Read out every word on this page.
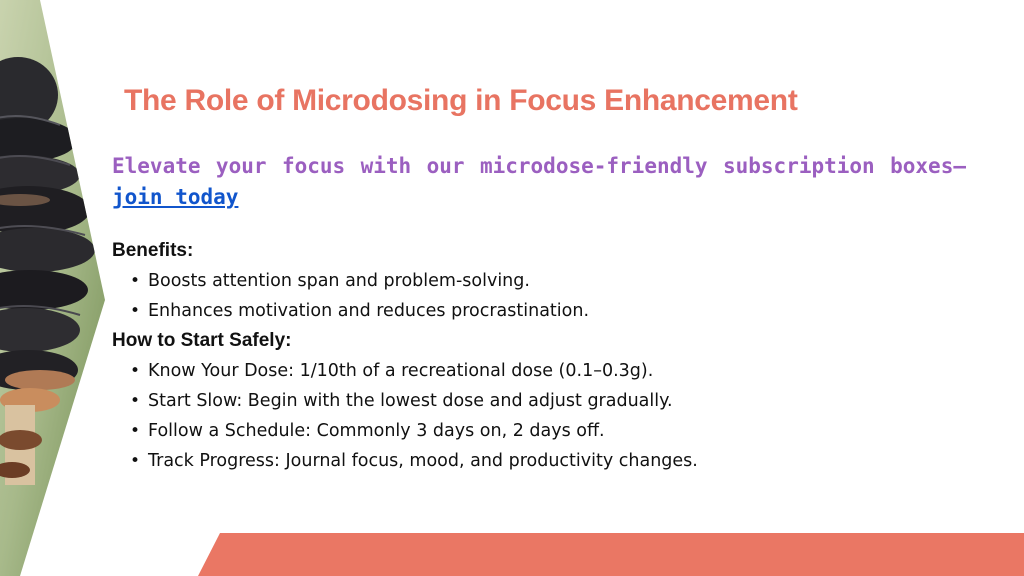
The Role of Microdosing in Focus Enhancement

Elevate your focus with our microdose-friendly subscription boxes—join today

Benefits:

• Boosts attention span and problem-solving.
• Enhances motivation and reduces procrastination.

How to Start Safely:

• Know Your Dose: 1/10th of a recreational dose (0.1–0.3g).
• Start Slow: Begin with the lowest dose and adjust gradually.
• Follow a Schedule: Commonly 3 days on, 2 days off.
• Track Progress: Journal focus, mood, and productivity changes.
